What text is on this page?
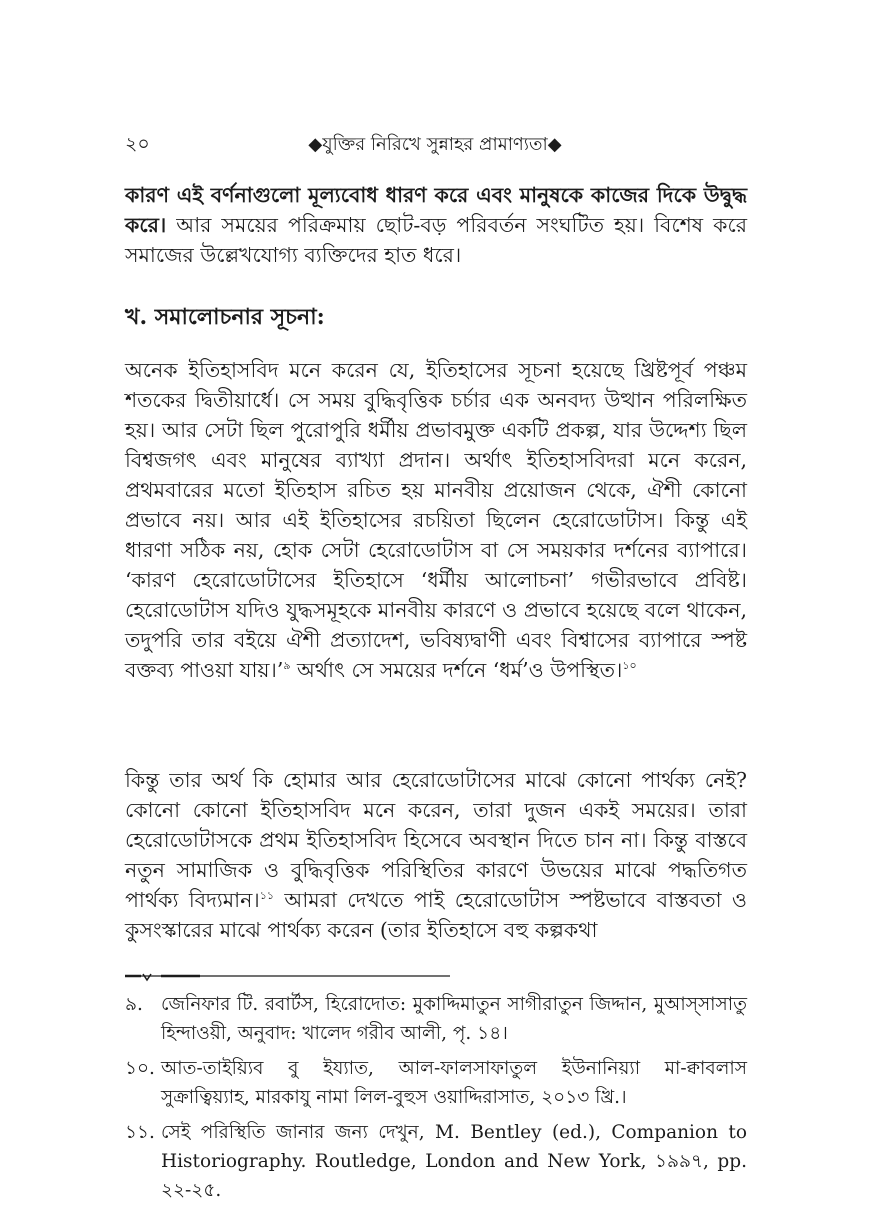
২০	◆যুক্তির নিরিখে সুন্নাহর প্রামাণ্যতা◆

কারণ এই বর্ণনাগুলো মূল্যবোধ ধারণ করে এবং মানুষকে কাজের দিকে উদ্বুদ্ধ করে। আর সময়ের পরিক্রমায় ছোট-বড় পরিবর্তন সংঘটিত হয়। বিশেষ করে সমাজের উল্লেখযোগ্য ব্যক্তিদের হাত ধরে।

খ. সমালোচনার সূচনা:

অনেক ইতিহাসবিদ মনে করেন যে, ইতিহাসের সূচনা হয়েছে খ্রিষ্টপূর্ব পঞ্চম শতকের দ্বিতীয়ার্ধে। সে সময় বুদ্ধিবৃত্তিক চর্চার এক অনবদ্য উত্থান পরিলক্ষিত হয়। আর সেটা ছিল পুরোপুরি ধর্মীয় প্রভাবমুক্ত একটি প্রকল্প, যার উদ্দেশ্য ছিল বিশ্বজগৎ এবং মানুষের ব্যাখ্যা প্রদান। অর্থাৎ ইতিহাসবিদরা মনে করেন, প্রথমবারের মতো ইতিহাস রচিত হয় মানবীয় প্রয়োজন থেকে, ঐশী কোনো প্রভাবে নয়। আর এই ইতিহাসের রচয়িতা ছিলেন হেরোডোটাস। কিন্তু এই ধারণা সঠিক নয়, হোক সেটা হেরোডোটাস বা সে সময়কার দর্শনের ব্যাপারে। ‘কারণ হেরোডোটাসের ইতিহাসে ‘ধর্মীয় আলোচনা’ গভীরভাবে প্রবিষ্ট। হেরোডোটাস যদিও যুদ্ধসমূহকে মানবীয় কারণে ও প্রভাবে হয়েছে বলে থাকেন, তদুপরি তার বইয়ে ঐশী প্রত্যাদেশ, ভবিষ্যদ্বাণী এবং বিশ্বাসের ব্যাপারে স্পষ্ট বক্তব্য পাওয়া যায়।’$^৯$ অর্থাৎ সে সময়ের দর্শনে ‘ধর্ম’ও উপস্থিত।$^{১০}$

কিন্তু তার অর্থ কি হোমার আর হেরোডোটাসের মাঝে কোনো পার্থক্য নেই? কোনো কোনো ইতিহাসবিদ মনে করেন, তারা দুজন একই সময়ের। তারা হেরোডোটাসকে প্রথম ইতিহাসবিদ হিসেবে অবস্থান দিতে চান না। কিন্তু বাস্তবে নতুন সামাজিক ও বুদ্ধিবৃত্তিক পরিস্থিতির কারণে উভয়ের মাঝে পদ্ধতিগত পার্থক্য বিদ্যমান।$^{১১}$ আমরা দেখতে পাই হেরোডোটাস স্পষ্টভাবে বাস্তবতা ও কুসংস্কারের মাঝে পার্থক্য করেন (তার ইতিহাসে বহু কল্পকথা

৯. জেনিফার টি. রবার্টস, হিরোদোত: মুকাদ্দিমাতুন সাগীরাতুন জিদ্দান, মুআস্সাসাতু হিন্দাওয়ী, অনুবাদ: খালেদ গরীব আলী, পৃ. ১৪।
১০. আত-তাইয়্যিব বু ইয্যাত, আল-ফালসাফাতুল ইউনানিয়্যা মা-ক্বাবলাস সুক্রাত্বিয়্যাহ, মারকাযু নামা লিল-বুহুস ওয়াদ্দিরাসাত, ২০১৩ খ্রি.।
১১. সেই পরিস্থিতি জানার জন্য দেখুন, M. Bentley (ed.), Companion to Historiography. Routledge, London and New York, ১৯৯৭, pp. ২২-২৫.
